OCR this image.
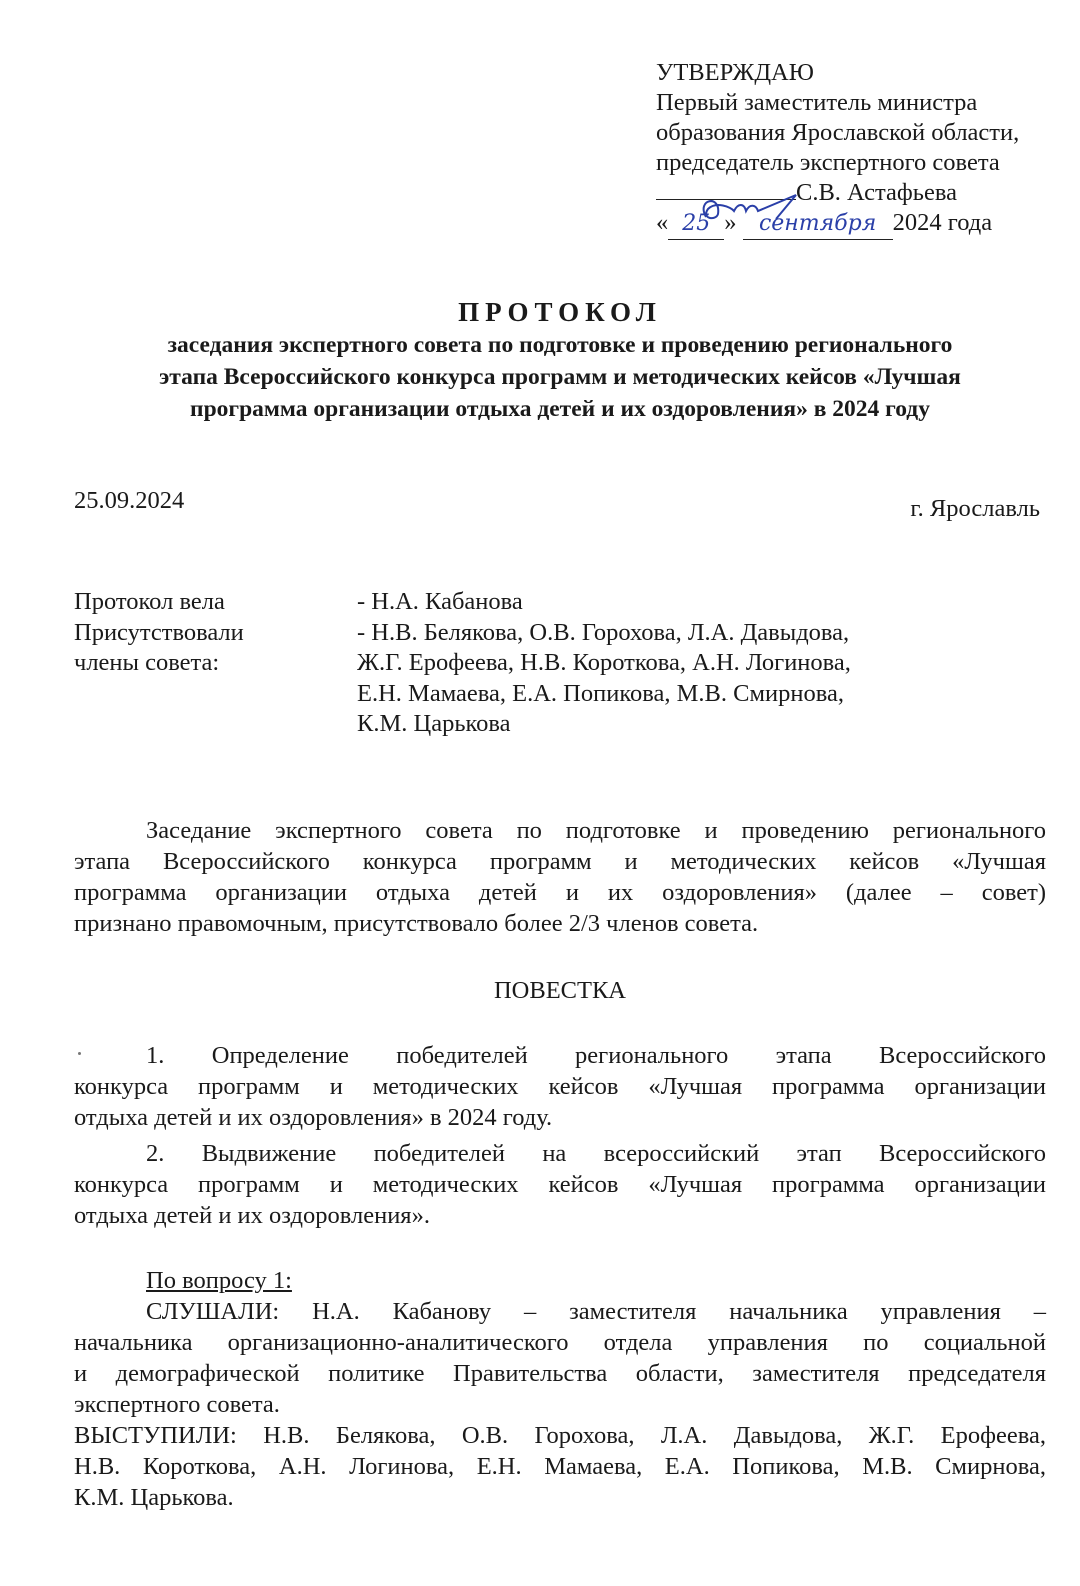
УТВЕРЖДАЮ
Первый заместитель министра
образования Ярославской области,
председатель экспертного совета
С.В. Астафьева
« 25 » сентября 2024 года
ПРОТОКОЛ
заседания экспертного совета по подготовке и проведению регионального
этапа Всероссийского конкурса программ и методических кейсов «Лучшая
программа организации отдыха детей и их оздоровления» в 2024 году
25.09.2024	г. Ярославль
Протокол вела
Присутствовали
члены совета:
- Н.А. Кабанова
- Н.В. Белякова, О.В. Горохова, Л.А. Давыдова,
Ж.Г. Ерофеева, Н.В. Короткова, А.Н. Логинова,
Е.Н. Мамаева, Е.А. Попикова, М.В. Смирнова,
К.М. Царькова
Заседание экспертного совета по подготовке и проведению регионального
этапа Всероссийского конкурса программ и методических кейсов «Лучшая
программа организации отдыха детей и их оздоровления» (далее – совет)
признано правомочным, присутствовало более 2/3 членов совета.
ПОВЕСТКА
1. Определение победителей регионального этапа Всероссийского
конкурса программ и методических кейсов «Лучшая программа организации
отдыха детей и их оздоровления» в 2024 году.
2. Выдвижение победителей на всероссийский этап Всероссийского
конкурса программ и методических кейсов «Лучшая программа организации
отдыха детей и их оздоровления».
По вопросу 1:
СЛУШАЛИ: Н.А. Кабанову – заместителя начальника управления –
начальника организационно-аналитического отдела управления по социальной
и демографической политике Правительства области, заместителя председателя
экспертного совета.
ВЫСТУПИЛИ: Н.В. Белякова, О.В. Горохова, Л.А. Давыдова, Ж.Г. Ерофеева,
Н.В. Короткова, А.Н. Логинова, Е.Н. Мамаева, Е.А. Попикова, М.В. Смирнова,
К.М. Царькова.
